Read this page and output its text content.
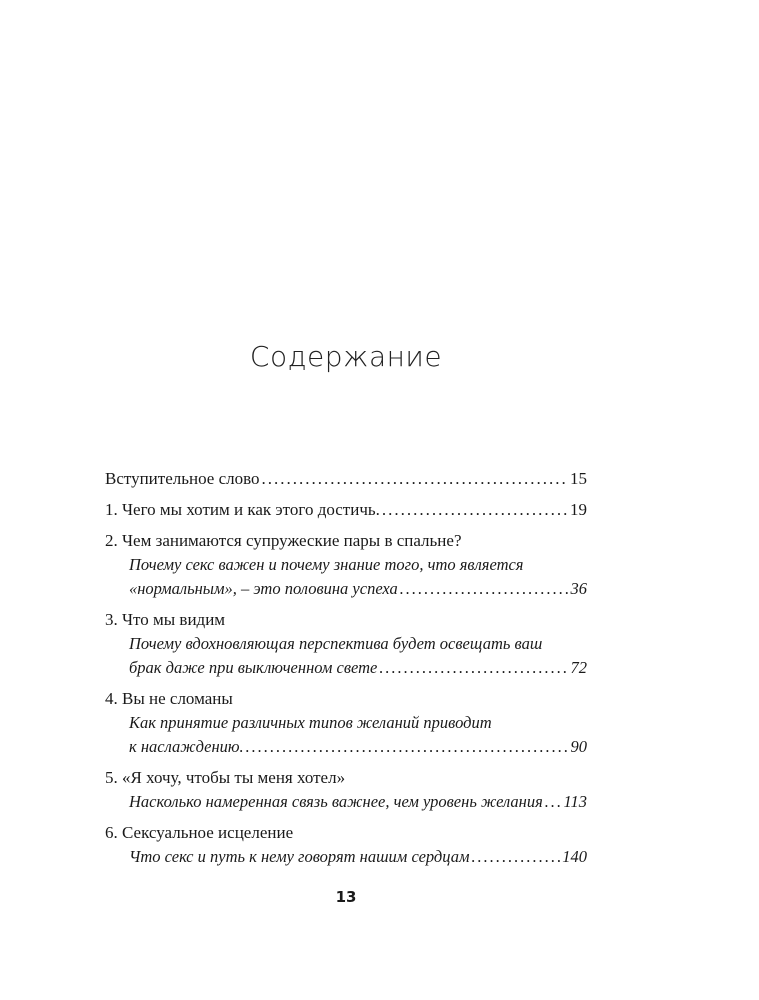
Содержание
Вступительное слово .....	15
1. Чего мы хотим и как этого достичь. .....	19
2. Чем занимаются супружеские пары в спальне?
Почему секс важен и почему знание того, что является
«нормальным», – это половина успеха .....	36
3. Что мы видим
Почему вдохновляющая перспектива будет освещать ваш
брак даже при выключенном свете .....	72
4. Вы не сломаны
Как принятие различных типов желаний приводит
к наслаждению. .....	90
5. «Я хочу, чтобы ты меня хотел»
Насколько намеренная связь важнее, чем уровень желания ..... 113
6. Сексуальное исцеление
Что секс и путь к нему говорят нашим сердцам .....	140
13
